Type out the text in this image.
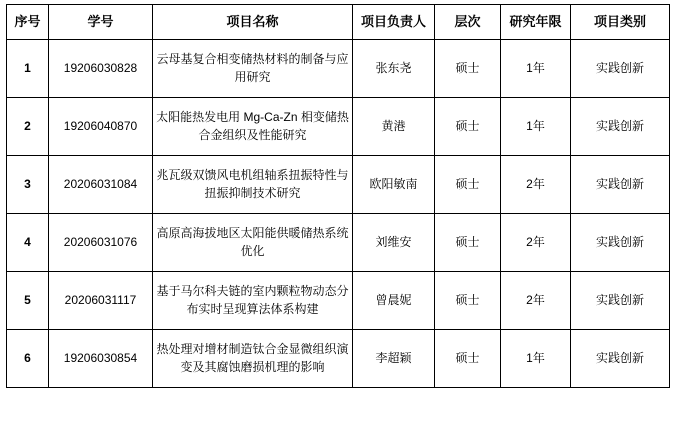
序号	学号	项目名称	项目负责人	层次	研究年限	项目类别
1	19206030828	云母基复合相变储热材料的制备与应用研究	张东尧	硕士	1年	实践创新
2	19206040870	太阳能热发电用 Mg-Ca-Zn 相变储热合金组织及性能研究	黄港	硕士	1年	实践创新
3	20206031084	兆瓦级双馈风电机组轴系扭振特性与扭振抑制技术研究	欧阳敏南	硕士	2年	实践创新
4	20206031076	高原高海拔地区太阳能供暖储热系统优化	刘维安	硕士	2年	实践创新
5	20206031117	基于马尔科夫链的室内颗粒物动态分布实时呈现算法体系构建	曾晨妮	硕士	2年	实践创新
6	19206030854	热处理对增材制造钛合金显微组织演变及其腐蚀磨损机理的影响	李超颖	硕士	1年	实践创新
